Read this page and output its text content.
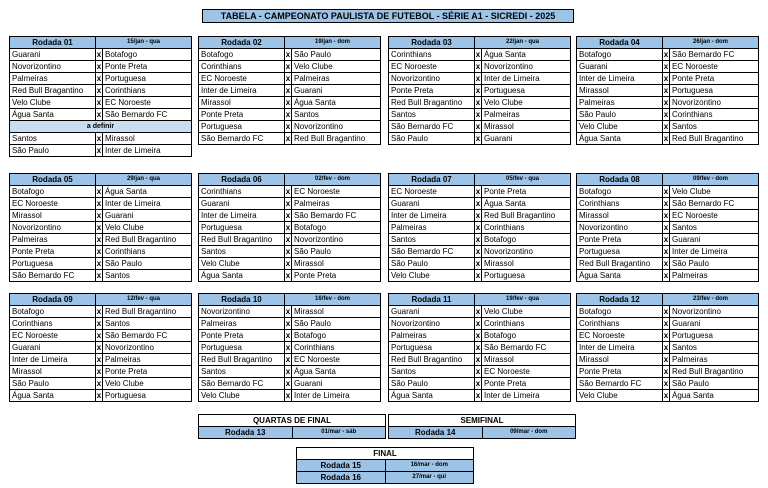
TABELA - CAMPEONATO PAULISTA DE FUTEBOL - SÉRIE A1 - SICREDI - 2025
Rodada 01	15/jan - qua	
Guarani	x	Botafogo
Novorizontino	x	Ponte Preta
Palmeiras	x	Portuguesa
Red Bull Bragantino	x	Corinthians
Velo Clube	x	EC Noroeste
Água Santa	x	São Bernardo FC
a definir		
Santos	x	Mirassol
São Paulo	x	Inter de Limeira
Rodada 02	19/jan - dom	
Botafogo	x	São Paulo
Corinthians	x	Velo Clube
EC Noroeste	x	Palmeiras
Inter de Limeira	x	Guarani
Mirassol	x	Água Santa
Ponte Preta	x	Santos
Portuguesa	x	Novorizontino
São Bernardo FC	x	Red Bull Bragantino
Rodada 03	22/jan - qua	
Corinthians	x	Água Santa
EC Noroeste	x	Novorizontino
Novorizontino	x	Inter de Limeira
Ponte Preta	x	Portuguesa
Red Bull Bragantino	x	Velo Clube
Santos	x	Palmeiras
São Bernardo FC	x	Mirassol
São Paulo	x	Guarani
Rodada 04	26/jan - dom	
Botafogo	x	São Bernardo FC
Guarani	x	EC Noroeste
Inter de Limeira	x	Ponte Preta
Mirassol	x	Portuguesa
Palmeiras	x	Novorizontino
São Paulo	x	Corinthians
Velo Clube	x	Santos
Água Santa	x	Red Bull Bragantino
Rodada 05	29/jan - qua	
Botafogo	x	Água Santa
EC Noroeste	x	Inter de Limeira
Mirassol	x	Guarani
Novorizontino	x	Velo Clube
Palmeiras	x	Red Bull Bragantino
Ponte Preta	x	Corinthians
Portuguesa	x	São Paulo
São Bernardo FC	x	Santos
Rodada 06	02/fev - dom	
Corinthians	x	EC Noroeste
Guarani	x	Palmeiras
Inter de Limeira	x	São Bernardo FC
Portuguesa	x	Botafogo
Red Bull Bragantino	x	Novorizontino
Santos	x	São Paulo
Velo Clube	x	Mirassol
Água Santa	x	Ponte Preta
Rodada 07	05/fev - qua	
EC Noroeste	x	Ponte Preta
Guarani	x	Água Santa
Inter de Limeira	x	Red Bull Bragantino
Palmeiras	x	Corinthians
Santos	x	Botafogo
São Bernardo FC	x	Novorizontino
São Paulo	x	Mirassol
Velo Clube	x	Portuguesa
Rodada 08	09/fev - dom	
Botafogo	x	Velo Clube
Corinthians	x	São Bernardo FC
Mirassol	x	EC Noroeste
Novorizontino	x	Santos
Ponte Preta	x	Guarani
Portuguesa	x	Inter de Limeira
Red Bull Bragantino	x	São Paulo
Água Santa	x	Palmeiras
Rodada 09	12/fev - qua	
Botafogo	x	Red Bull Bragantino
Corinthians	x	Santos
EC Noroeste	x	São Bernardo FC
Guarani	x	Novorizontino
Inter de Limeira	x	Palmeiras
Mirassol	x	Ponte Preta
São Paulo	x	Velo Clube
Água Santa	x	Portuguesa
Rodada 10	16/fev - dom	
Novorizontino	x	Mirassol
Palmeiras	x	São Paulo
Ponte Preta	x	Botafogo
Portuguesa	x	Corinthians
Red Bull Bragantino	x	EC Noroeste
Santos	x	Água Santa
São Bernardo FC	x	Guarani
Velo Clube	x	Inter de Limeira
Rodada 11	19/fev - qua	
Guarani	x	Velo Clube
Novorizontino	x	Corinthians
Palmeiras	x	Botafogo
Portuguesa	x	São Bernardo FC
Red Bull Bragantino	x	Mirassol
Santos	x	EC Noroeste
São Paulo	x	Ponte Preta
Água Santa	x	Inter de Limeira
Rodada 12	23/fev - dom	
Botafogo	x	Novorizontino
Corinthians	x	Guarani
EC Noroeste	x	Portuguesa
Inter de Limeira	x	Santos
Mirassol	x	Palmeiras
Ponte Preta	x	Red Bull Bragantino
São Bernardo FC	x	São Paulo
Velo Clube	x	Água Santa
QUARTAS DE FINAL
Rodada 13	01/mar - sáb
SEMIFINAL
Rodada 14	09/mar - dom
FINAL	
Rodada 15	16/mar - dom
Rodada 16	27/mar - qui
